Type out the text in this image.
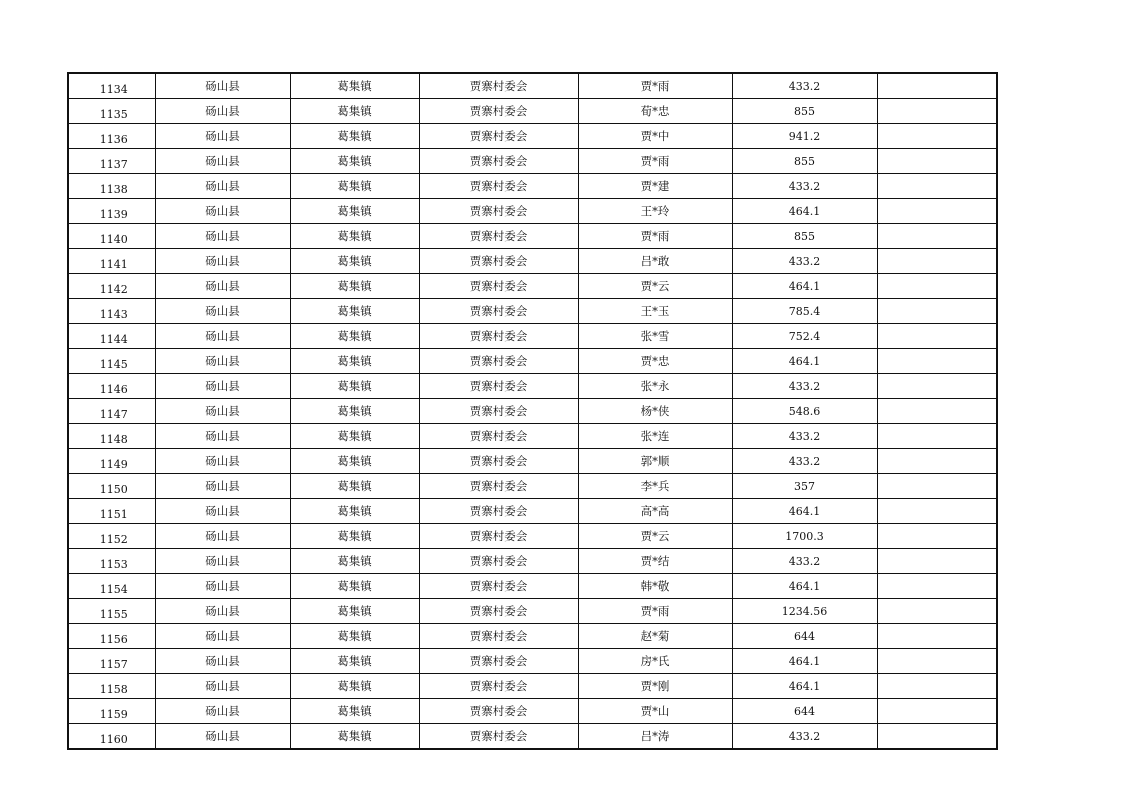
1134	砀山县	葛集镇	贾寨村委会	贾*雨	433.2	
1135	砀山县	葛集镇	贾寨村委会	荀*忠	855	
1136	砀山县	葛集镇	贾寨村委会	贾*中	941.2	
1137	砀山县	葛集镇	贾寨村委会	贾*雨	855	
1138	砀山县	葛集镇	贾寨村委会	贾*建	433.2	
1139	砀山县	葛集镇	贾寨村委会	王*玲	464.1	
1140	砀山县	葛集镇	贾寨村委会	贾*雨	855	
1141	砀山县	葛集镇	贾寨村委会	吕*敢	433.2	
1142	砀山县	葛集镇	贾寨村委会	贾*云	464.1	
1143	砀山县	葛集镇	贾寨村委会	王*玉	785.4	
1144	砀山县	葛集镇	贾寨村委会	张*雪	752.4	
1145	砀山县	葛集镇	贾寨村委会	贾*忠	464.1	
1146	砀山县	葛集镇	贾寨村委会	张*永	433.2	
1147	砀山县	葛集镇	贾寨村委会	杨*侠	548.6	
1148	砀山县	葛集镇	贾寨村委会	张*连	433.2	
1149	砀山县	葛集镇	贾寨村委会	郭*顺	433.2	
1150	砀山县	葛集镇	贾寨村委会	李*兵	357	
1151	砀山县	葛集镇	贾寨村委会	高*高	464.1	
1152	砀山县	葛集镇	贾寨村委会	贾*云	1700.3	
1153	砀山县	葛集镇	贾寨村委会	贾*结	433.2	
1154	砀山县	葛集镇	贾寨村委会	韩*敬	464.1	
1155	砀山县	葛集镇	贾寨村委会	贾*雨	1234.56	
1156	砀山县	葛集镇	贾寨村委会	赵*菊	644	
1157	砀山县	葛集镇	贾寨村委会	房*氏	464.1	
1158	砀山县	葛集镇	贾寨村委会	贾*刚	464.1	
1159	砀山县	葛集镇	贾寨村委会	贾*山	644	
1160	砀山县	葛集镇	贾寨村委会	吕*涛	433.2	
